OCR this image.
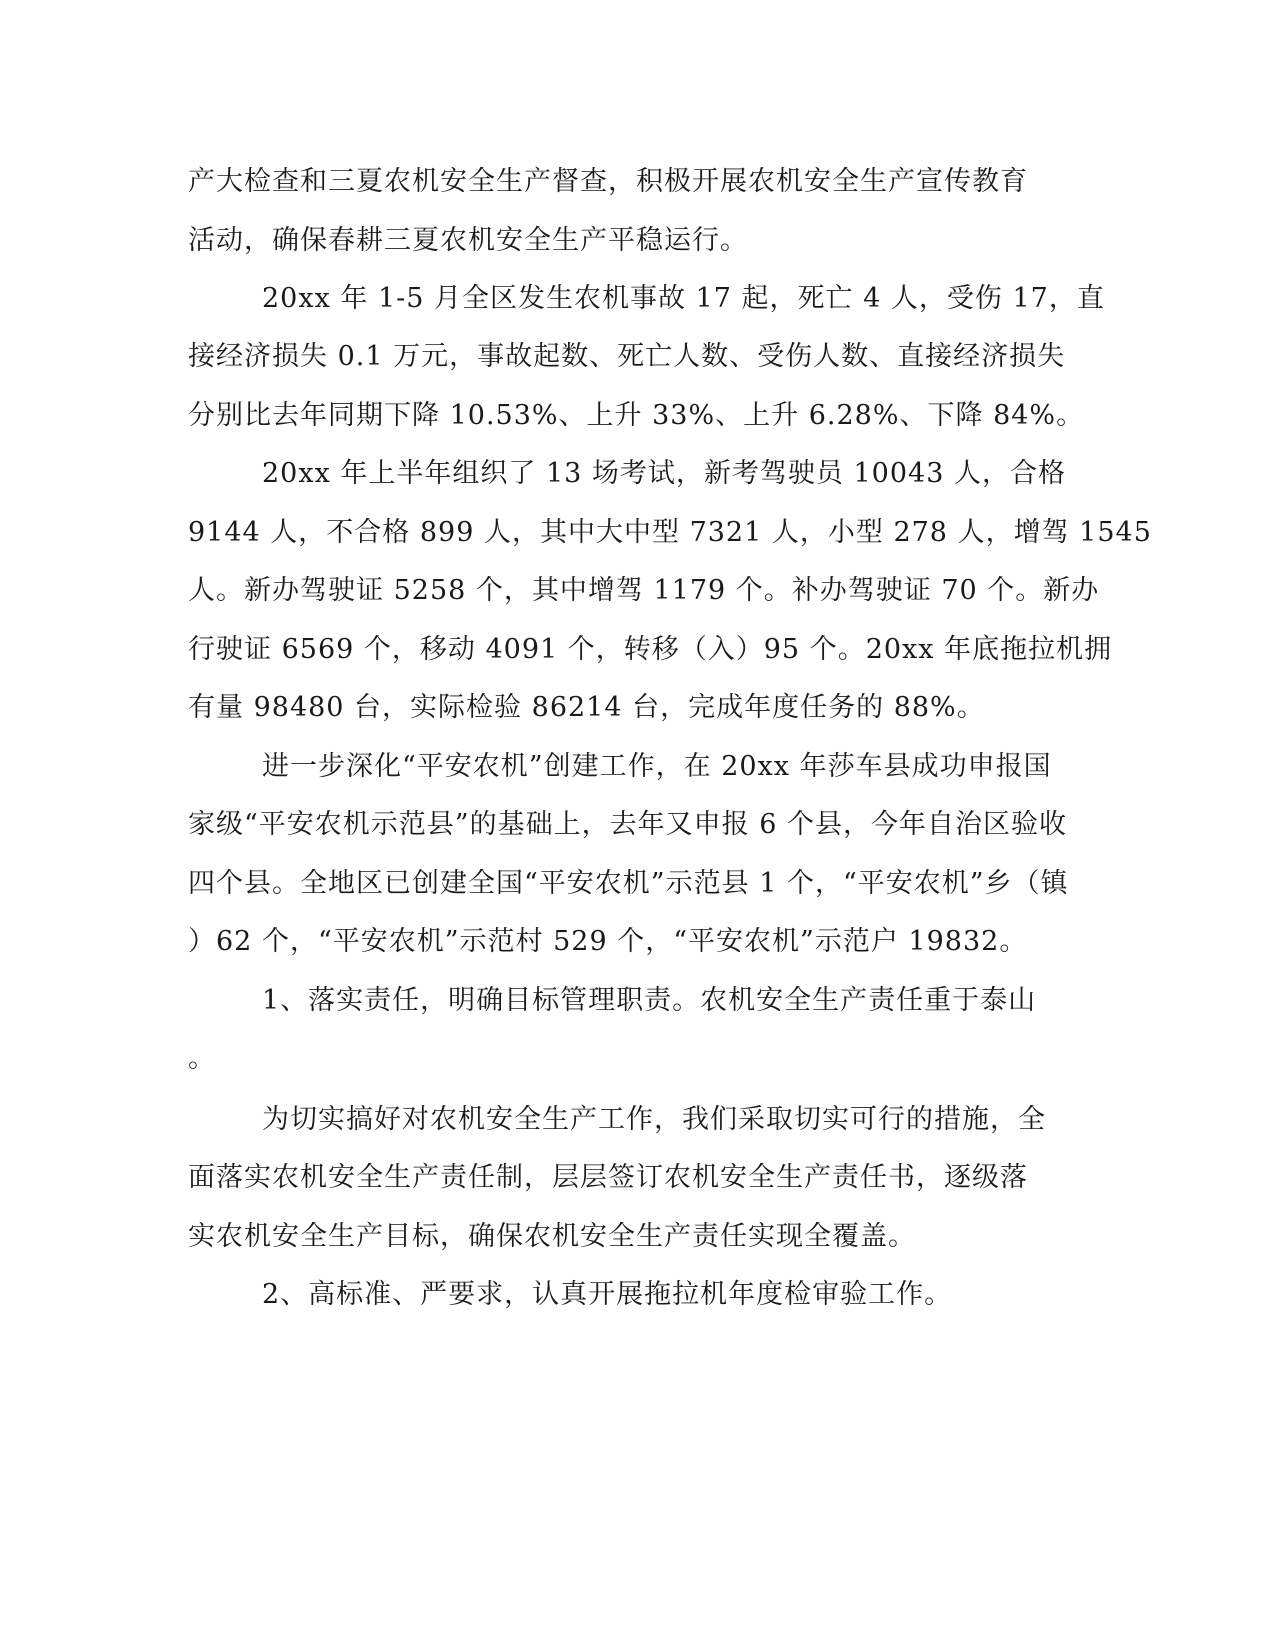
产大检查和三夏农机安全生产督查，积极开展农机安全生产宣传教育
活动，确保春耕三夏农机安全生产平稳运行。
20xx 年 1-5 月全区发生农机事故 17 起，死亡 4 人，受伤 17，直
接经济损失 0.1 万元，事故起数、死亡人数、受伤人数、直接经济损失
分别比去年同期下降 10.53%、上升 33%、上升 6.28%、下降 84%。
20xx 年上半年组织了 13 场考试，新考驾驶员 10043 人，合格
9144 人，不合格 899 人，其中大中型 7321 人，小型 278 人，增驾 1545
人。新办驾驶证 5258 个，其中增驾 1179 个。补办驾驶证 70 个。新办
行驶证 6569 个，移动 4091 个，转移（入）95 个。20xx 年底拖拉机拥
有量 98480 台，实际检验 86214 台，完成年度任务的 88%。
进一步深化“平安农机”创建工作，在 20xx 年莎车县成功申报国
家级“平安农机示范县”的基础上，去年又申报 6 个县，今年自治区验收
四个县。全地区已创建全国“平安农机”示范县 1 个，“平安农机”乡（镇
）62 个，“平安农机”示范村 529 个，“平安农机”示范户 19832。
1、落实责任，明确目标管理职责。农机安全生产责任重于泰山
。
为切实搞好对农机安全生产工作，我们采取切实可行的措施，全
面落实农机安全生产责任制，层层签订农机安全生产责任书，逐级落
实农机安全生产目标，确保农机安全生产责任实现全覆盖。
2、高标准、严要求，认真开展拖拉机年度检审验工作。
